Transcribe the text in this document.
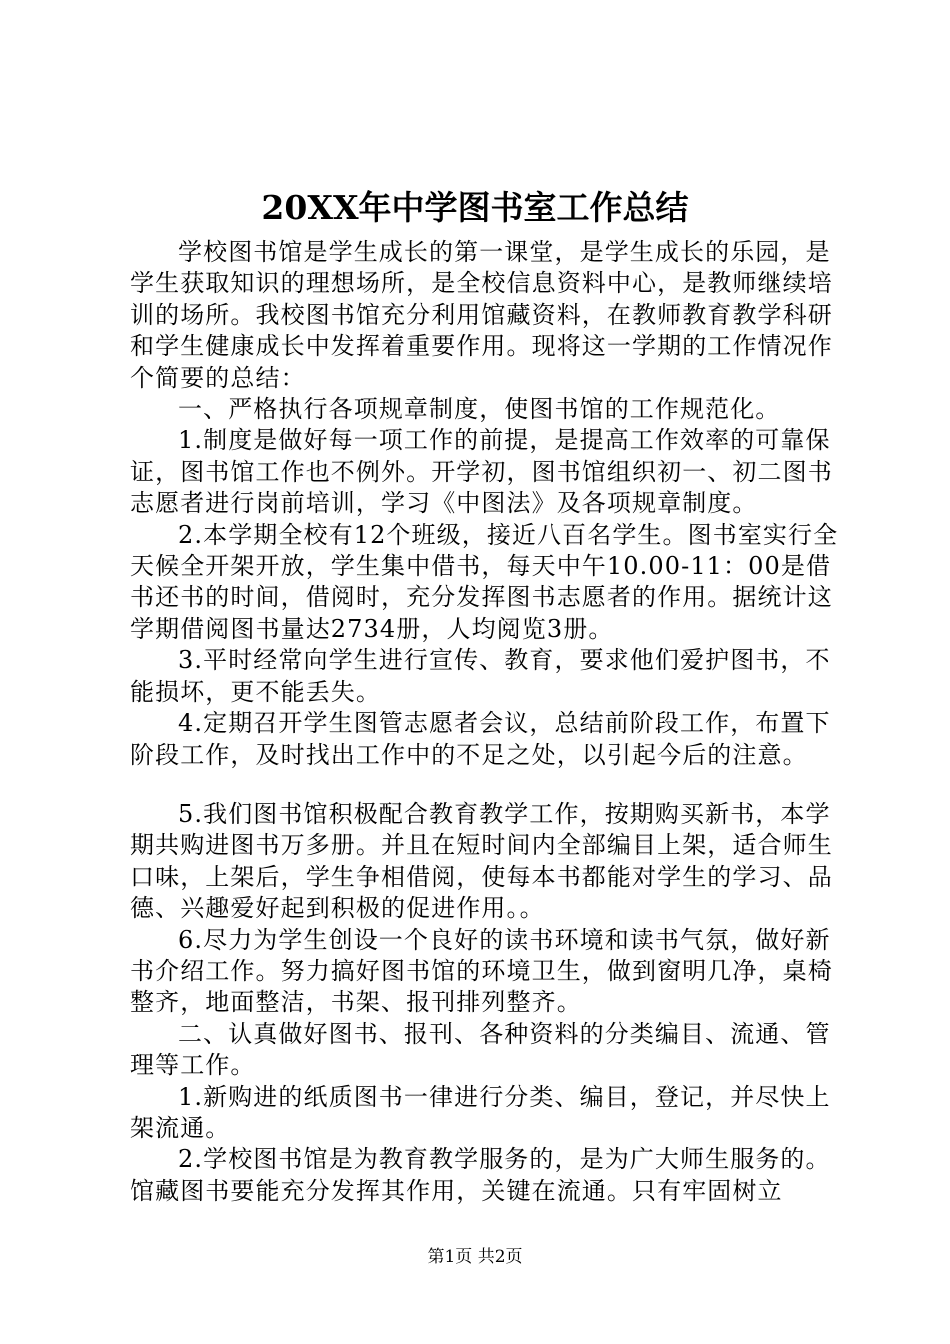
20XX年中学图书室工作总结

学校图书馆是学生成长的第一课堂，是学生成长的乐园，是学生获取知识的理想场所，是全校信息资料中心，是教师继续培训的场所。我校图书馆充分利用馆藏资料，在教师教育教学科研和学生健康成长中发挥着重要作用。现将这一学期的工作情况作个简要的总结：

一、严格执行各项规章制度，使图书馆的工作规范化。

1.制度是做好每一项工作的前提，是提高工作效率的可靠保证，图书馆工作也不例外。开学初，图书馆组织初一、初二图书志愿者进行岗前培训，学习《中图法》及各项规章制度。

2.本学期全校有12个班级，接近八百名学生。图书室实行全天候全开架开放，学生集中借书，每天中午10.00-11：00是借书还书的时间，借阅时，充分发挥图书志愿者的作用。据统计这学期借阅图书量达2734册，人均阅览3册。

3.平时经常向学生进行宣传、教育，要求他们爱护图书，不能损坏，更不能丢失。

4.定期召开学生图管志愿者会议，总结前阶段工作，布置下阶段工作，及时找出工作中的不足之处，以引起今后的注意。

5.我们图书馆积极配合教育教学工作，按期购买新书，本学期共购进图书万多册。并且在短时间内全部编目上架，适合师生口味，上架后，学生争相借阅，使每本书都能对学生的学习、品德、兴趣爱好起到积极的促进作用。。

6.尽力为学生创设一个良好的读书环境和读书气氛，做好新书介绍工作。努力搞好图书馆的环境卫生，做到窗明几净，桌椅整齐，地面整洁，书架、报刊排列整齐。

二、认真做好图书、报刊、各种资料的分类编目、流通、管理等工作。

1.新购进的纸质图书一律进行分类、编目，登记，并尽快上架流通。

2.学校图书馆是为教育教学服务的，是为广大师生服务的。馆藏图书要能充分发挥其作用，关键在流通。只有牢固树立

第1页 共2页
